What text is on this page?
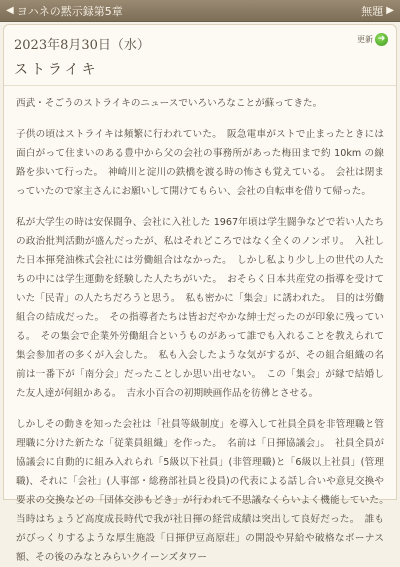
◀ ヨハネの黙示録第5章	無題 ▶
2023年8月30日（水）	更新 ➜
ストライキ

西武・そごうのストライキのニュースでいろいろなことが蘇ってきた。

子供の頃はストライキは頻繁に行われていた。　阪急電車がストで止まったときには面白がって住まいのある豊中から父の会社の事務所があった梅田まで約 10km の線路を歩いて行った。　神崎川と淀川の鉄橋を渡る時の怖さも覚えている。　会社は閉まっていたので家主さんにお願いして開けてもらい、会社の自転車を借りて帰った。

私が大学生の時は安保闘争、会社に入社した 1967年頃は学生闘争などで若い人たちの政治批判活動が盛んだったが、私はそれどころではなく全くのノンポリ。　入社した日本揮発油株式会社には労働組合はなかった。　しかし私より少し上の世代の人たちの中には学生運動を経験した人たちがいた。　おそらく日本共産党の指導を受けていた「民青」の人たちだろうと思う。　私も密かに「集会」に誘われた。　目的は労働組合の結成だった。　その指導者たちは皆おだやかな紳士だったのが印象に残っている。　その集会で企業外労働組合というものがあって誰でも入れることを教えられて集会参加者の多くが入会した。　私も入会したような気がするが、その組合組織の名前は一番下が「南分会」だったことしか思い出せない。　この「集会」が縁で結婚した友人達が何組かある。　吉永小百合の初期映画作品を彷彿とさせる。

しかしその動きを知った会社は「社員等級制度」を導入して社員全員を非管理職と管理職に分けた新たな「従業員組織」を作った。　名前は「日揮協議会」。　社員全員が協議会に自動的に組み入れられ「5級以下社員」(非管理職)と「6級以上社員」(管理職)、それに「会社」(人事部・総務部社員と役員)の代表による話し合いや意見交換や要求の交換などの「団体交渉もどき」が行われて不思議なくらいよく機能していた。　当時はちょうど高度成長時代で我が社日揮の経営成績は突出して良好だった。　誰もがびっくりするような厚生施設「日揮伊豆高原荘」の開設や昇給や破格なボーナス額、その後のみなとみらいクイーンズタワー
